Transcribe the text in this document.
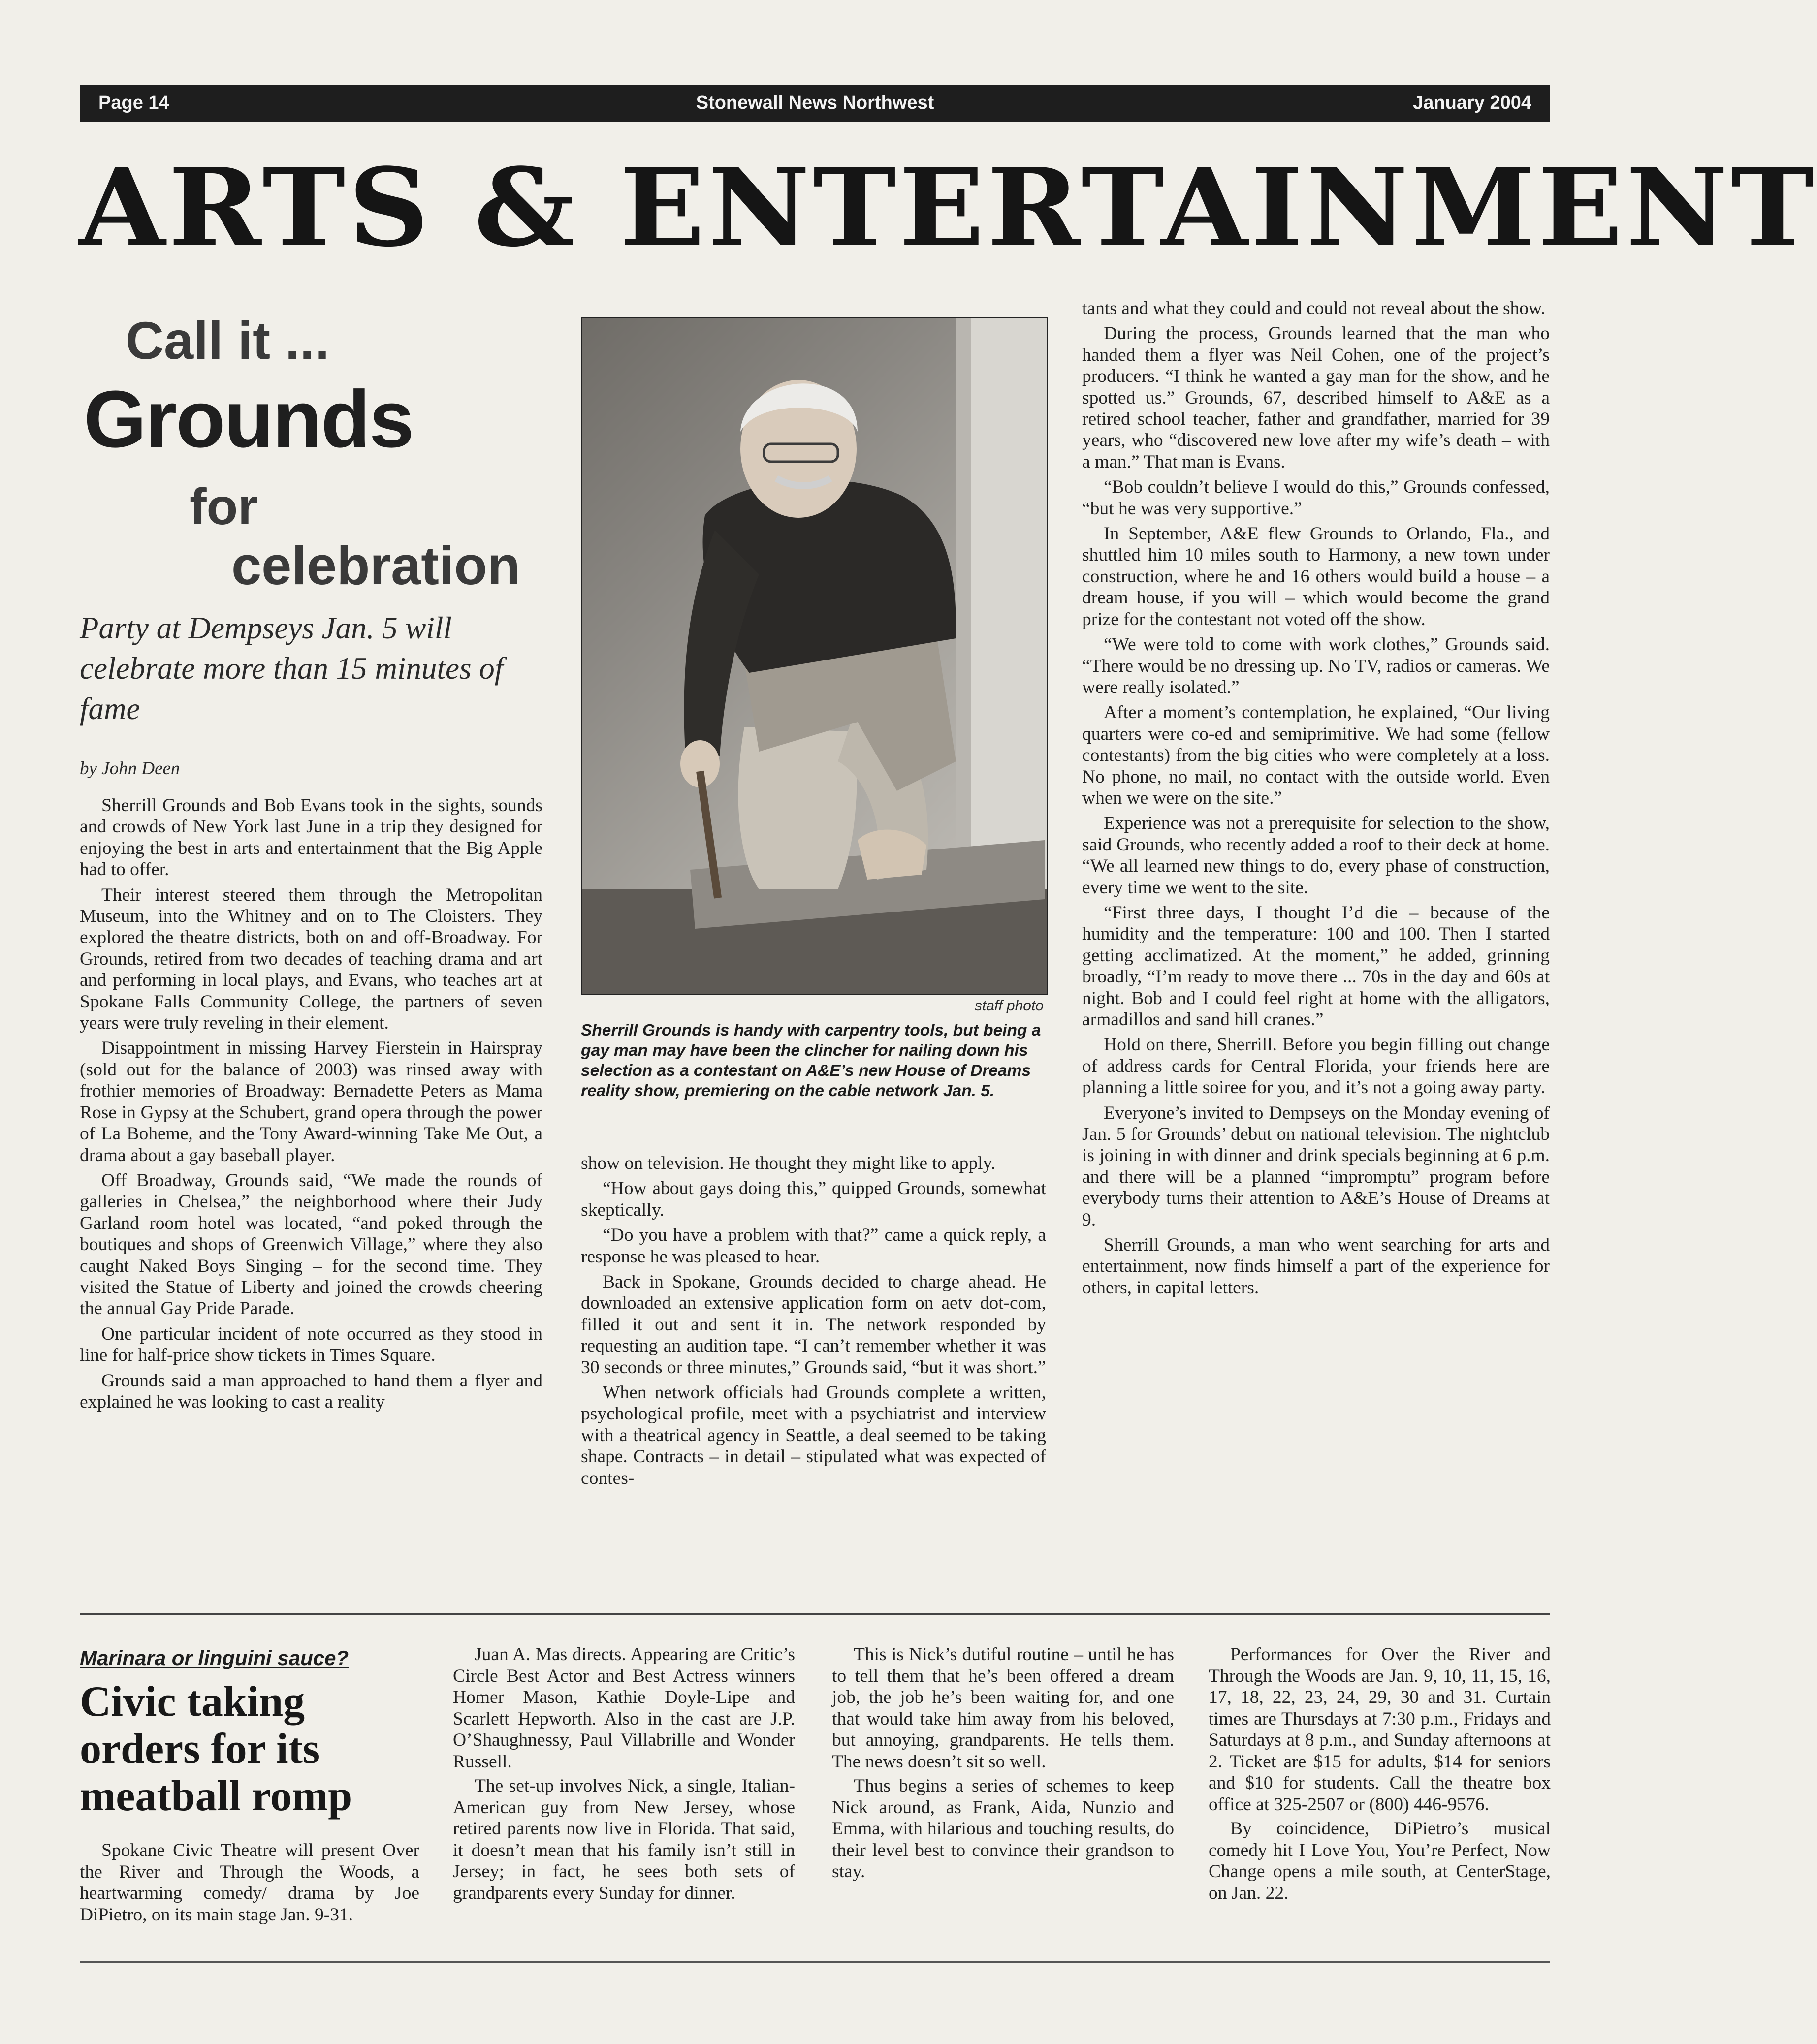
Stonewall News Northwest
Page 14	January 2004
ARTS & ENTERTAINMENT
Call it ...
Grounds
for
celebration
Party at Dempseys Jan. 5 will celebrate more than 15 minutes of fame
by John Deen

Sherrill Grounds and Bob Evans took in the sights, sounds and crowds of New York last June in a trip they designed for enjoying the best in arts and entertainment that the Big Apple had to offer.

Their interest steered them through the Metropolitan Museum, into the Whitney and on to The Cloisters. They explored the theatre districts, both on and off-Broadway. For Grounds, retired from two decades of teaching drama and art and performing in local plays, and Evans, who teaches art at Spokane Falls Community College, the partners of seven years were truly reveling in their element.

Disappointment in missing Harvey Fierstein in Hairspray (sold out for the balance of 2003) was rinsed away with frothier memories of Broadway: Bernadette Peters as Mama Rose in Gypsy at the Schubert, grand opera through the power of La Boheme, and the Tony Award-winning Take Me Out, a drama about a gay baseball player.

Off Broadway, Grounds said, “We made the rounds of galleries in Chelsea,” the neighborhood where their Judy Garland room hotel was located, “and poked through the boutiques and shops of Greenwich Village,” where they also caught Naked Boys Singing – for the second time. They visited the Statue of Liberty and joined the crowds cheering the annual Gay Pride Parade.

One particular incident of note occurred as they stood in line for half-price show tickets in Times Square.

Grounds said a man approached to hand them a flyer and explained he was looking to cast a reality

staff photo
Sherrill Grounds is handy with carpentry tools, but being a gay man may have been the clincher for nailing down his selection as a contestant on A&E’s new House of Dreams reality show, premiering on the cable network Jan. 5.

show on television. He thought they might like to apply.

“How about gays doing this,” quipped Grounds, somewhat skeptically.

“Do you have a problem with that?” came a quick reply, a response he was pleased to hear.

Back in Spokane, Grounds decided to charge ahead. He downloaded an extensive application form on aetv dot-com, filled it out and sent it in. The network responded by requesting an audition tape. “I can’t remember whether it was 30 seconds or three minutes,” Grounds said, “but it was short.”

When network officials had Grounds complete a written, psychological profile, meet with a psychiatrist and interview with a theatrical agency in Seattle, a deal seemed to be taking shape. Contracts – in detail – stipulated what was expected of contes-

tants and what they could and could not reveal about the show.

During the process, Grounds learned that the man who handed them a flyer was Neil Cohen, one of the project’s producers. “I think he wanted a gay man for the show, and he spotted us.” Grounds, 67, described himself to A&E as a retired school teacher, father and grandfather, married for 39 years, who “discovered new love after my wife’s death – with a man.” That man is Evans.

“Bob couldn’t believe I would do this,” Grounds confessed, “but he was very supportive.”

In September, A&E flew Grounds to Orlando, Fla., and shuttled him 10 miles south to Harmony, a new town under construction, where he and 16 others would build a house – a dream house, if you will – which would become the grand prize for the contestant not voted off the show.

“We were told to come with work clothes,” Grounds said. “There would be no dressing up. No TV, radios or cameras. We were really isolated.”

After a moment’s contemplation, he explained, “Our living quarters were co-ed and semiprimitive. We had some (fellow contestants) from the big cities who were completely at a loss. No phone, no mail, no contact with the outside world. Even when we were on the site.”

Experience was not a prerequisite for selection to the show, said Grounds, who recently added a roof to their deck at home. “We all learned new things to do, every phase of construction, every time we went to the site.

“First three days, I thought I’d die – because of the humidity and the temperature: 100 and 100. Then I started getting acclimatized. At the moment,” he added, grinning broadly, “I’m ready to move there ... 70s in the day and 60s at night. Bob and I could feel right at home with the alligators, armadillos and sand hill cranes.”

Hold on there, Sherrill. Before you begin filling out change of address cards for Central Florida, your friends here are planning a little soiree for you, and it’s not a going away party.

Everyone’s invited to Dempseys on the Monday evening of Jan. 5 for Grounds’ debut on national television. The nightclub is joining in with dinner and drink specials beginning at 6 p.m. and there will be a planned “impromptu” program before everybody turns their attention to A&E’s House of Dreams at 9.

Sherrill Grounds, a man who went searching for arts and entertainment, now finds himself a part of the experience for others, in capital letters.

Marinara or linguini sauce?
Civic taking orders for its meatball romp

Spokane Civic Theatre will present Over the River and Through the Woods, a heartwarming comedy/ drama by Joe DiPietro, on its main stage Jan. 9-31.

Juan A. Mas directs. Appearing are Critic’s Circle Best Actor and Best Actress winners Homer Mason, Kathie Doyle-Lipe and Scarlett Hepworth. Also in the cast are J.P. O’Shaughnessy, Paul Villabrille and Wonder Russell.

The set-up involves Nick, a single, Italian-American guy from New Jersey, whose retired parents now live in Florida. That said, it doesn’t mean that his family isn’t still in Jersey; in fact, he sees both sets of grandparents every Sunday for dinner.

This is Nick’s dutiful routine – until he has to tell them that he’s been offered a dream job, the job he’s been waiting for, and one that would take him away from his beloved, but annoying, grandparents. He tells them. The news doesn’t sit so well.

Thus begins a series of schemes to keep Nick around, as Frank, Aida, Nunzio and Emma, with hilarious and touching results, do their level best to convince their grandson to stay.

Performances for Over the River and Through the Woods are Jan. 9, 10, 11, 15, 16, 17, 18, 22, 23, 24, 29, 30 and 31. Curtain times are Thursdays at 7:30 p.m., Fridays and Saturdays at 8 p.m., and Sunday afternoons at 2. Ticket are $15 for adults, $14 for seniors and $10 for students. Call the theatre box office at 325-2507 or (800) 446-9576.

By coincidence, DiPietro’s musical comedy hit I Love You, You’re Perfect, Now Change opens a mile south, at CenterStage, on Jan. 22.
